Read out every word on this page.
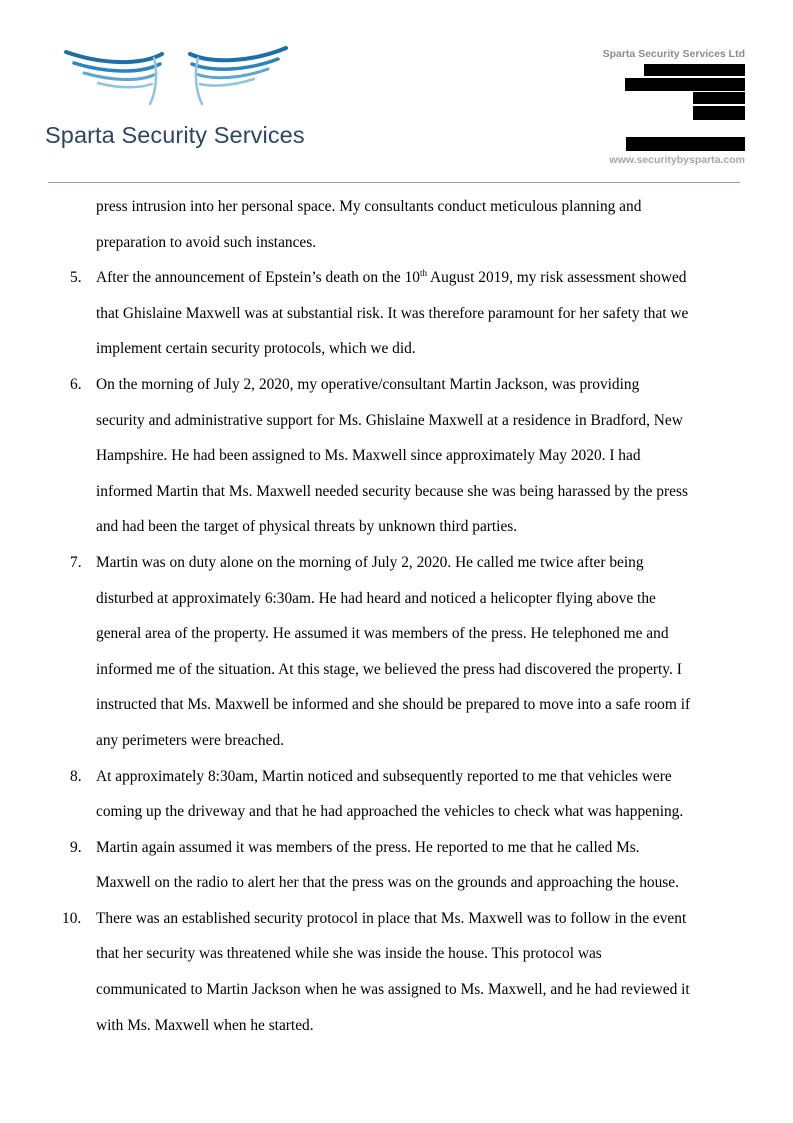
Sparta Security Services
Sparta Security Services Ltd
www.securitybysparta.com
press intrusion into her personal space. My consultants conduct meticulous planning and
preparation to avoid such instances.
5. After the announcement of Epstein’s death on the 10th August 2019, my risk assessment showed
that Ghislaine Maxwell was at substantial risk. It was therefore paramount for her safety that we
implement certain security protocols, which we did.
6. On the morning of July 2, 2020, my operative/consultant Martin Jackson, was providing
security and administrative support for Ms. Ghislaine Maxwell at a residence in Bradford, New
Hampshire. He had been assigned to Ms. Maxwell since approximately May 2020. I had
informed Martin that Ms. Maxwell needed security because she was being harassed by the press
and had been the target of physical threats by unknown third parties.
7. Martin was on duty alone on the morning of July 2, 2020. He called me twice after being
disturbed at approximately 6:30am. He had heard and noticed a helicopter flying above the
general area of the property. He assumed it was members of the press. He telephoned me and
informed me of the situation. At this stage, we believed the press had discovered the property. I
instructed that Ms. Maxwell be informed and she should be prepared to move into a safe room if
any perimeters were breached.
8. At approximately 8:30am, Martin noticed and subsequently reported to me that vehicles were
coming up the driveway and that he had approached the vehicles to check what was happening.
9. Martin again assumed it was members of the press. He reported to me that he called Ms.
Maxwell on the radio to alert her that the press was on the grounds and approaching the house.
10. There was an established security protocol in place that Ms. Maxwell was to follow in the event
that her security was threatened while she was inside the house. This protocol was
communicated to Martin Jackson when he was assigned to Ms. Maxwell, and he had reviewed it
with Ms. Maxwell when he started.
